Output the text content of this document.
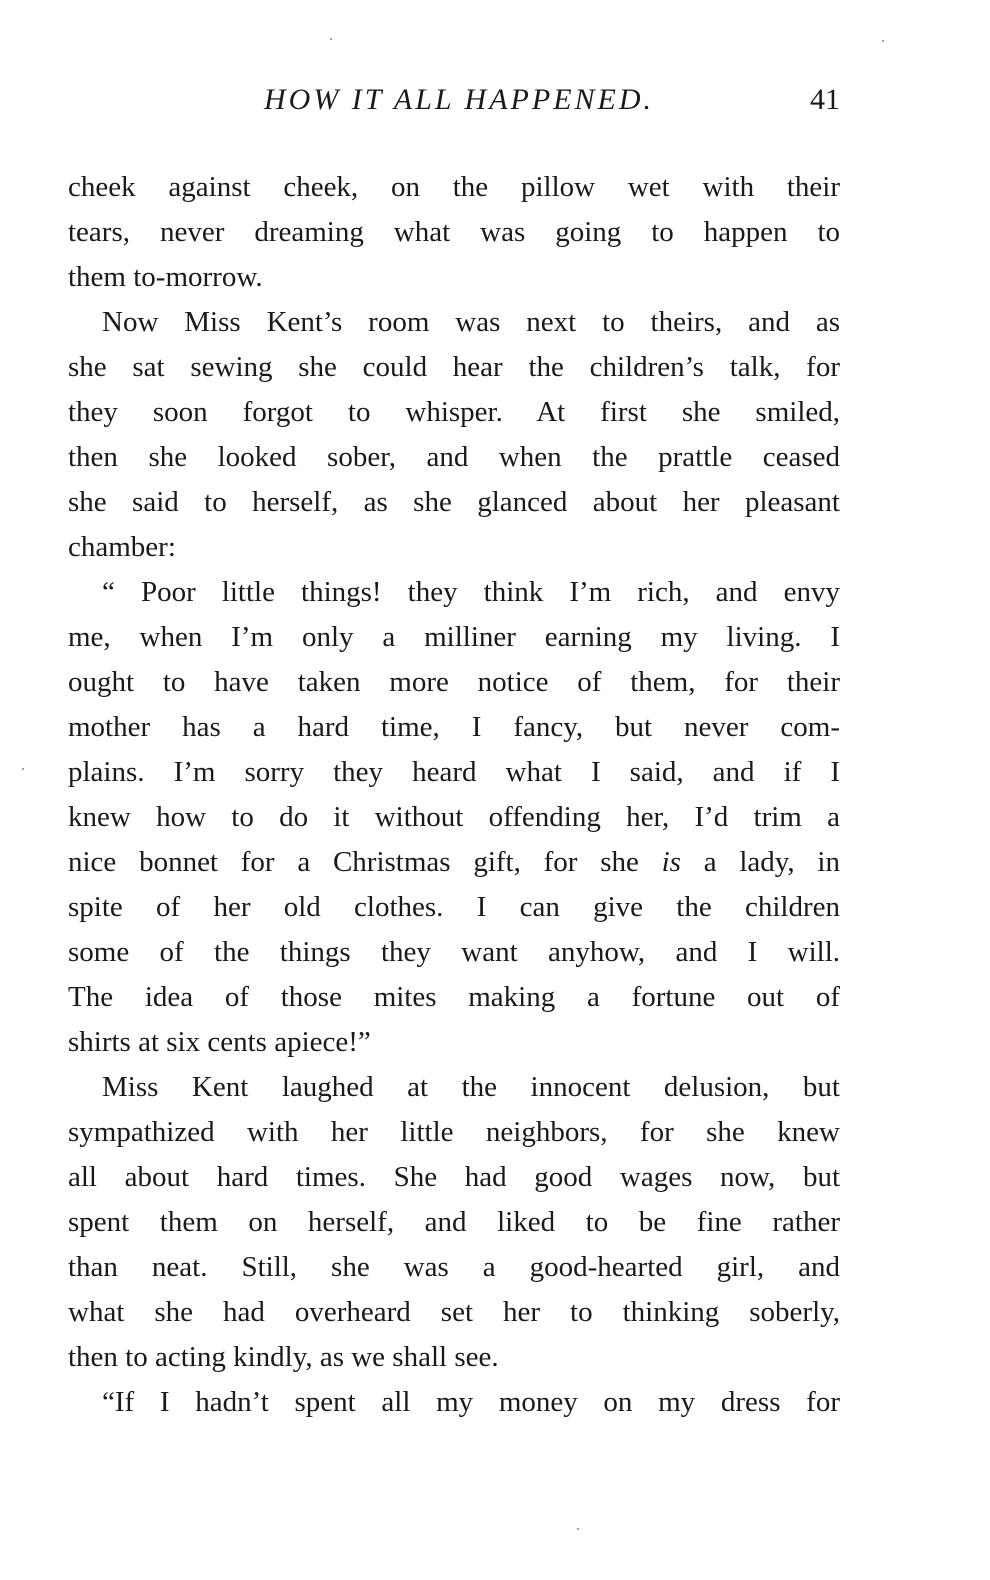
HOW IT ALL HAPPENED.	41

cheek against cheek, on the pillow wet with their
tears, never dreaming what was going to happen to
them to-morrow.

Now Miss Kent’s room was next to theirs, and as
she sat sewing she could hear the children’s talk, for
they soon forgot to whisper. At first she smiled,
then she looked sober, and when the prattle ceased
she said to herself, as she glanced about her pleasant
chamber:

“ Poor little things! they think I’m rich, and envy
me, when I’m only a milliner earning my living. I
ought to have taken more notice of them, for their
mother has a hard time, I fancy, but never com-
plains. I’m sorry they heard what I said, and if I
knew how to do it without offending her, I’d trim a
nice bonnet for a Christmas gift, for she is a lady, in
spite of her old clothes. I can give the children
some of the things they want anyhow, and I will.
The idea of those mites making a fortune out of
shirts at six cents apiece!”

Miss Kent laughed at the innocent delusion, but
sympathized with her little neighbors, for she knew
all about hard times. She had good wages now, but
spent them on herself, and liked to be fine rather
than neat. Still, she was a good-hearted girl, and
what she had overheard set her to thinking soberly,
then to acting kindly, as we shall see.

“If I hadn’t spent all my money on my dress for
